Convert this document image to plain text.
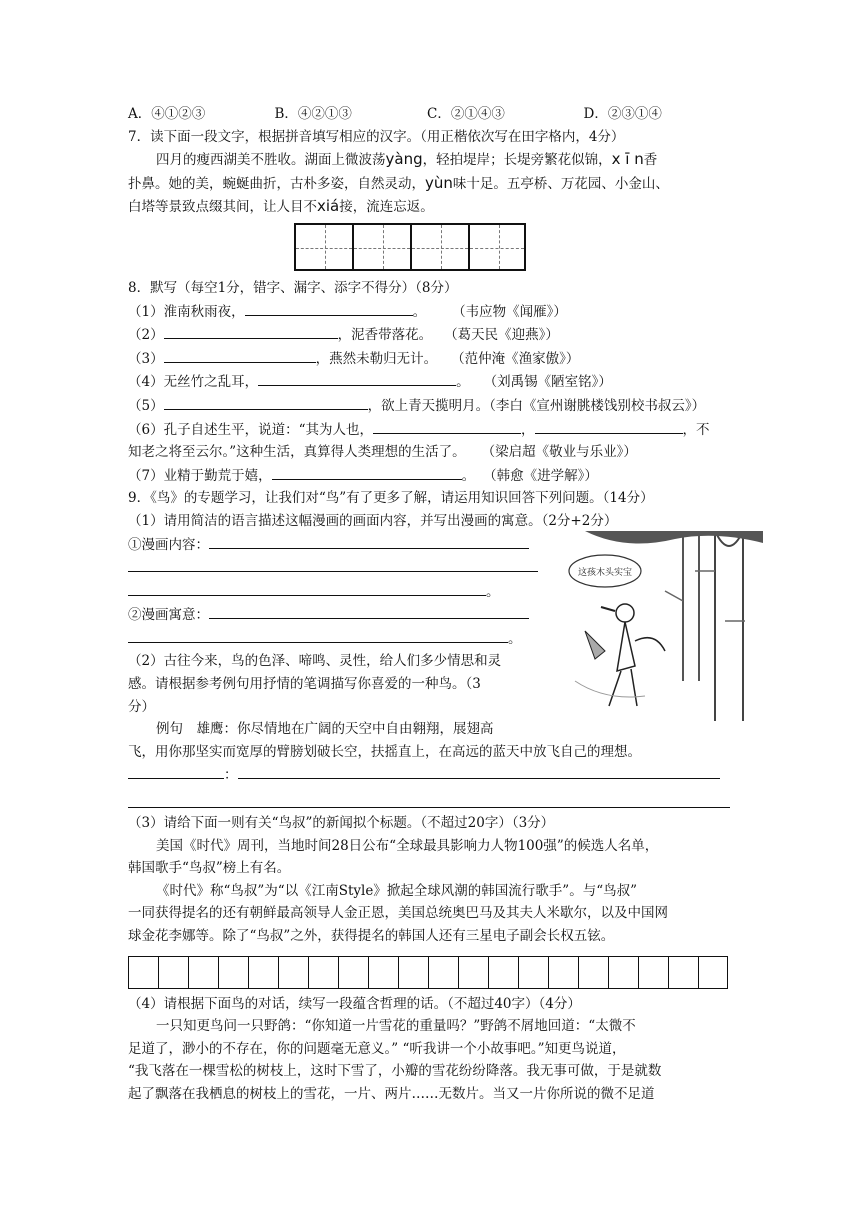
A．④①②③	B．④②①③	C．②①④③	D．②③①④
7．读下面一段文字，根据拼音填写相应的汉字。（用正楷依次写在田字格内，4分）
四月的瘦西湖美不胜收。湖面上微波荡yàng，轻拍堤岸；长堤旁繁花似锦，x ī n香
扑鼻。她的美，蜿蜒曲折，古朴多姿，自然灵动，yùn味十足。五亭桥、万花园、小金山、
白塔等景致点缀其间，让人目不xiá接，流连忘返。
8．默写（每空1分，错字、漏字、添字不得分）（8分）
（1）淮南秋雨夜，	。 （韦应物《闻雁》）
（2）	，泥香带落花。 （葛天民《迎燕》）
（3）	，燕然未勒归无计。 （范仲淹《渔家傲》）
（4）无丝竹之乱耳，	。 （刘禹锡《陋室铭》）
（5）	，欲上青天揽明月。（李白《宣州谢朓楼饯别校书叔云》）
（6）孔子自述生平，说道：“其为人也，	，	，不
知老之将至云尔。”这种生活，真算得人类理想的生活了。 （梁启超《敬业与乐业》）
（7）业精于勤荒于嬉，	。 （韩愈《进学解》）
9．《鸟》的专题学习，让我们对“鸟”有了更多了解，请运用知识回答下列问题。（14分）
（1）请用简洁的语言描述这幅漫画的画面内容，并写出漫画的寓意。（2分+2分）
①漫画内容：
。
②漫画寓意：
。
（2）古往今来，鸟的色泽、啼鸣、灵性，给人们多少情思和灵
感。请根据参考例句用抒情的笔调描写你喜爱的一种鸟。（3
分）
例句　雄鹰：你尽情地在广阔的天空中自由翱翔，展翅高
飞，用你那坚实而宽厚的臂膀划破长空，扶摇直上，在高远的蓝天中放飞自己的理想。
：
（3）请给下面一则有关“鸟叔”的新闻拟个标题。（不超过20字）（3分）
美国《时代》周刊，当地时间28日公布“全球最具影响力人物100强”的候选人名单，
韩国歌手“鸟叔”榜上有名。
《时代》称“鸟叔”为“以《江南Style》掀起全球风潮的韩国流行歌手”。与“鸟叔”
一同获得提名的还有朝鲜最高领导人金正恩，美国总统奥巴马及其夫人米歇尔，以及中国网
球金花李娜等。除了“鸟叔”之外，获得提名的韩国人还有三星电子副会长权五铉。
（4）请根据下面鸟的对话，续写一段蕴含哲理的话。（不超过40字）（4分）
一只知更鸟问一只野鸽：“你知道一片雪花的重量吗？”野鸽不屑地回道：“太微不
足道了，渺小的不存在，你的问题毫无意义。” “听我讲一个小故事吧。”知更鸟说道，
“我飞落在一棵雪松的树枝上，这时下雪了，小瓣的雪花纷纷降落。我无事可做，于是就数
起了飘落在我栖息的树枝上的雪花，一片、两片……无数片。当又一片你所说的微不足道
这孩木头实宝
